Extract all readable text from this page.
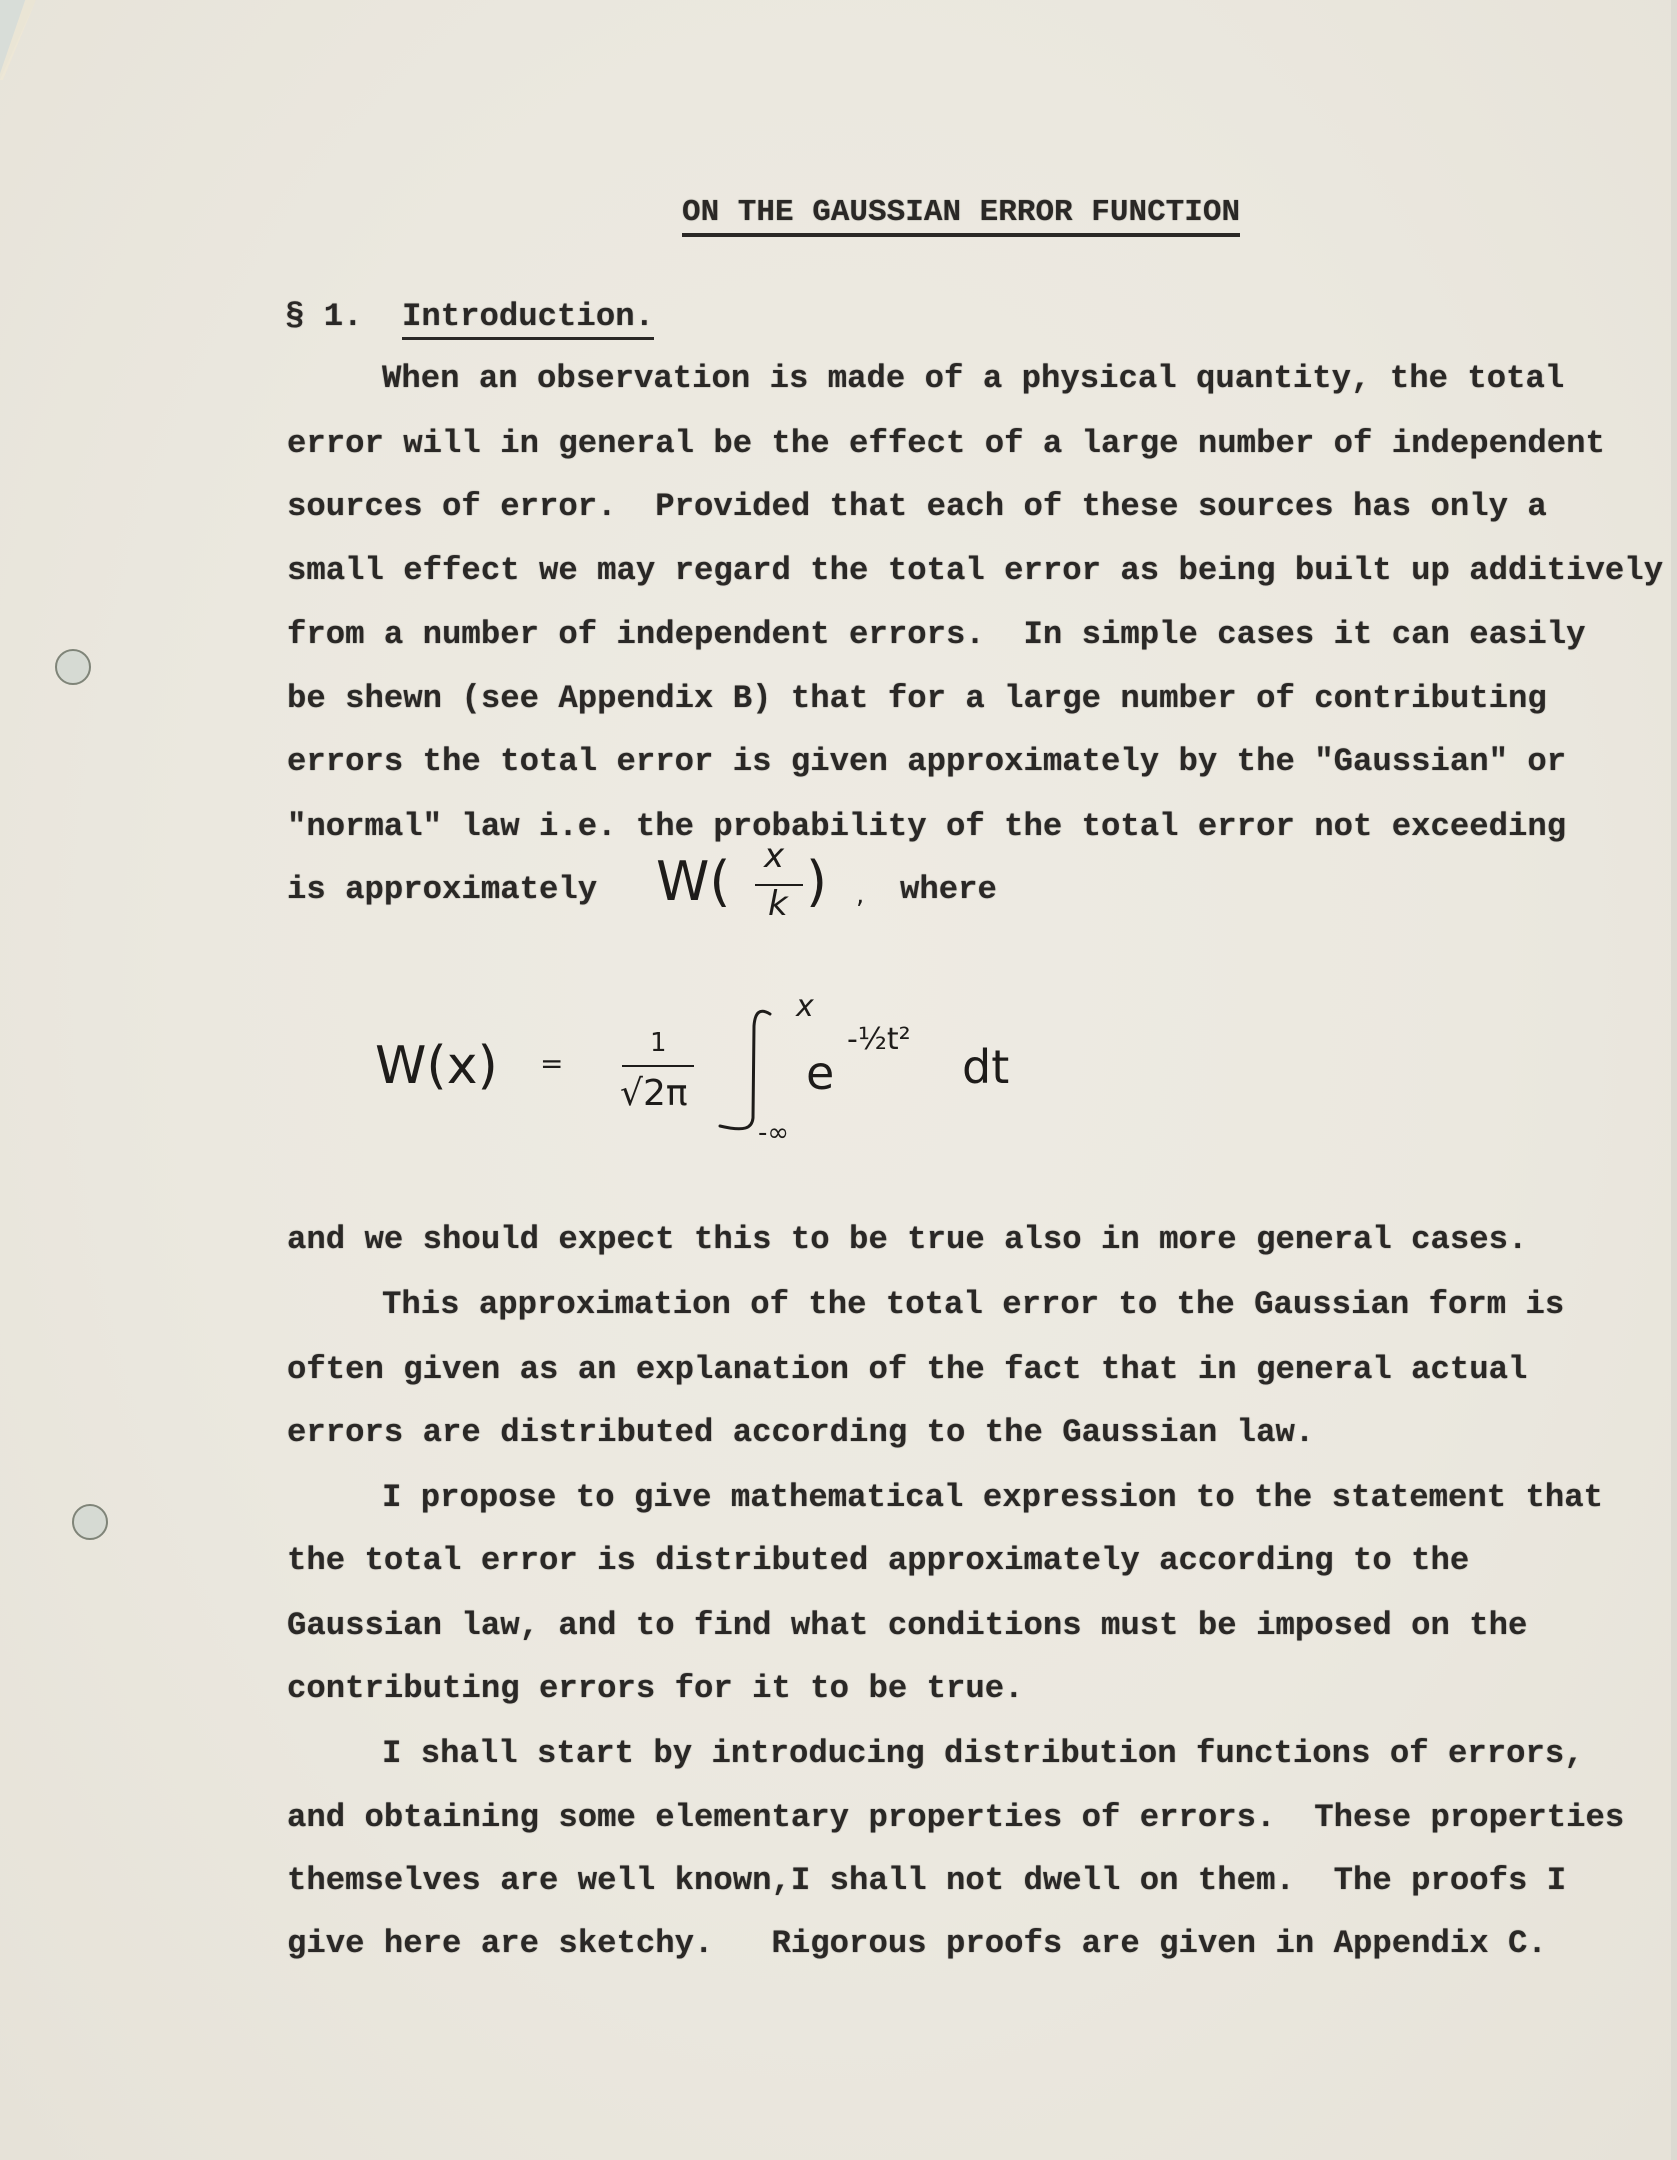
ON THE GAUSSIAN ERROR FUNCTION
§ 1. Introduction.
When an observation is made of a physical quantity, the total
error will in general be the effect of a large number of independent
sources of error.  Provided that each of these sources has only a
small effect we may regard the total error as being built up additively
from a number of independent errors.  In simple cases it can easily
be shewn (see Appendix B) that for a large number of contributing
errors the total error is given approximately by the "Gaussian" or
"normal" law i.e. the probability of the total error not exceeding
is approximately W( x
k ) , where
W(x) =
1
√2π
x
-∞
e
-½t²
dt
and we should expect this to be true also in more general cases.
This approximation of the total error to the Gaussian form is
often given as an explanation of the fact that in general actual
errors are distributed according to the Gaussian law.
I propose to give mathematical expression to the statement that
the total error is distributed approximately according to the
Gaussian law, and to find what conditions must be imposed on the
contributing errors for it to be true.
I shall start by introducing distribution functions of errors,
and obtaining some elementary properties of errors.  These properties
themselves are well known,I shall not dwell on them.  The proofs I
give here are sketchy.   Rigorous proofs are given in Appendix C.
